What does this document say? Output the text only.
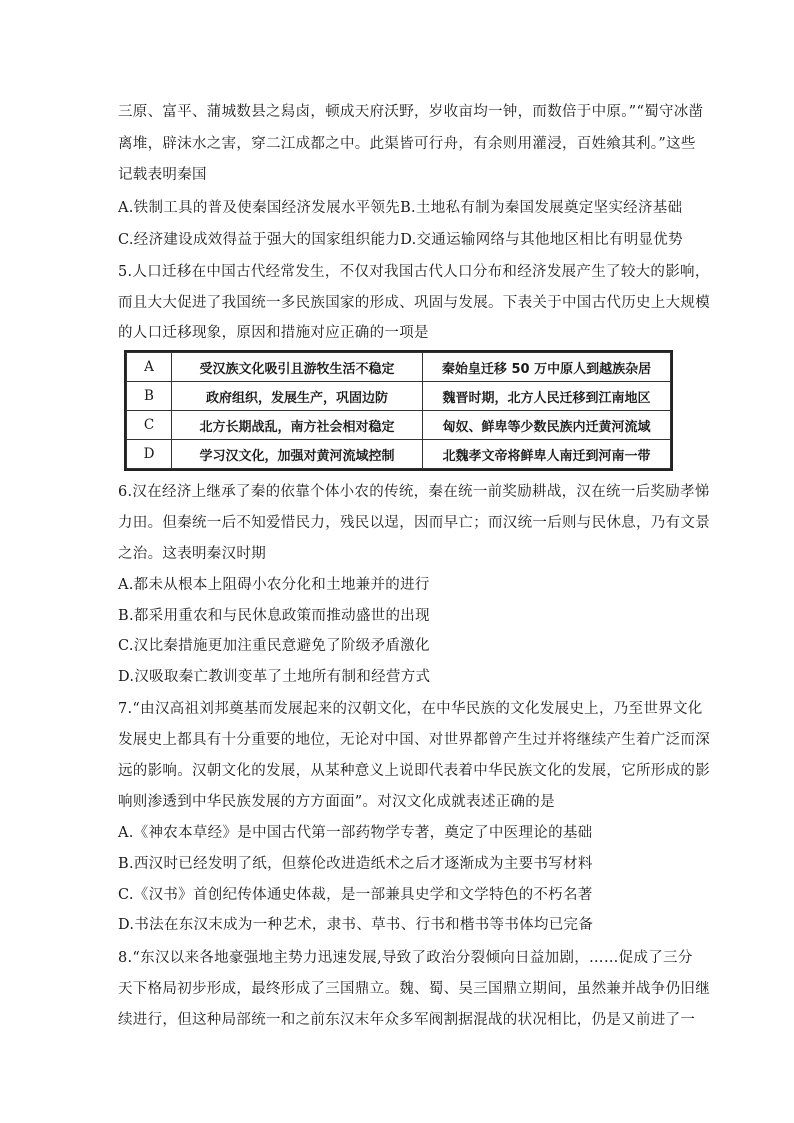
三原、富平、蒲城数县之舄卤，顿成天府沃野，岁收亩均一钟，而数倍于中原。”“蜀守冰凿
离堆，辟沫水之害，穿二江成都之中。此渠皆可行舟，有余则用灌浸，百姓飨其利。”这些
记载表明秦国
A.铁制工具的普及使秦国经济发展水平领先 B.土地私有制为秦国发展奠定坚实经济基础
C.经济建设成效得益于强大的国家组织能力 D.交通运输网络与其他地区相比有明显优势
5.人口迁移在中国古代经常发生，不仅对我国古代人口分布和经济发展产生了较大的影响，
而且大大促进了我国统一多民族国家的形成、巩固与发展。下表关于中国古代历史上大规模
的人口迁移现象，原因和措施对应正确的一项是
A	受汉族文化吸引且游牧生活不稳定	秦始皇迁移 50 万中原人到越族杂居
B	政府组织，发展生产，巩固边防	魏晋时期，北方人民迁移到江南地区
C	北方长期战乱，南方社会相对稳定	匈奴、鲜卑等少数民族内迁黄河流域
D	学习汉文化，加强对黄河流域控制	北魏孝文帝将鲜卑人南迁到河南一带
6.汉在经济上继承了秦的依靠个体小农的传统，秦在统一前奖励耕战，汉在统一后奖励孝悌
力田。但秦统一后不知爱惜民力，残民以逞，因而早亡；而汉统一后则与民休息，乃有文景
之治。这表明秦汉时期
A.都未从根本上阻碍小农分化和土地兼并的进行
B.都采用重农和与民休息政策而推动盛世的出现
C.汉比秦措施更加注重民意避免了阶级矛盾激化
D.汉吸取秦亡教训变革了土地所有制和经营方式
7.“由汉高祖刘邦奠基而发展起来的汉朝文化，在中华民族的文化发展史上，乃至世界文化
发展史上都具有十分重要的地位，无论对中国、对世界都曾产生过并将继续产生着广泛而深
远的影响。汉朝文化的发展，从某种意义上说即代表着中华民族文化的发展，它所形成的影
响则渗透到中华民族发展的方方面面”。对汉文化成就表述正确的是
A.《神农本草经》是中国古代第一部药物学专著，奠定了中医理论的基础
B.西汉时已经发明了纸，但蔡伦改进造纸术之后才逐渐成为主要书写材料
C.《汉书》首创纪传体通史体裁，是一部兼具史学和文学特色的不朽名著
D.书法在东汉末成为一种艺术，隶书、草书、行书和楷书等书体均已完备
8.“东汉以来各地豪强地主势力迅速发展,导致了政治分裂倾向日益加剧，……促成了三分
天下格局初步形成，最终形成了三国鼎立。魏、蜀、吴三国鼎立期间，虽然兼并战争仍旧继
续进行，但这种局部统一和之前东汉末年众多军阀割据混战的状况相比，仍是又前进了一
